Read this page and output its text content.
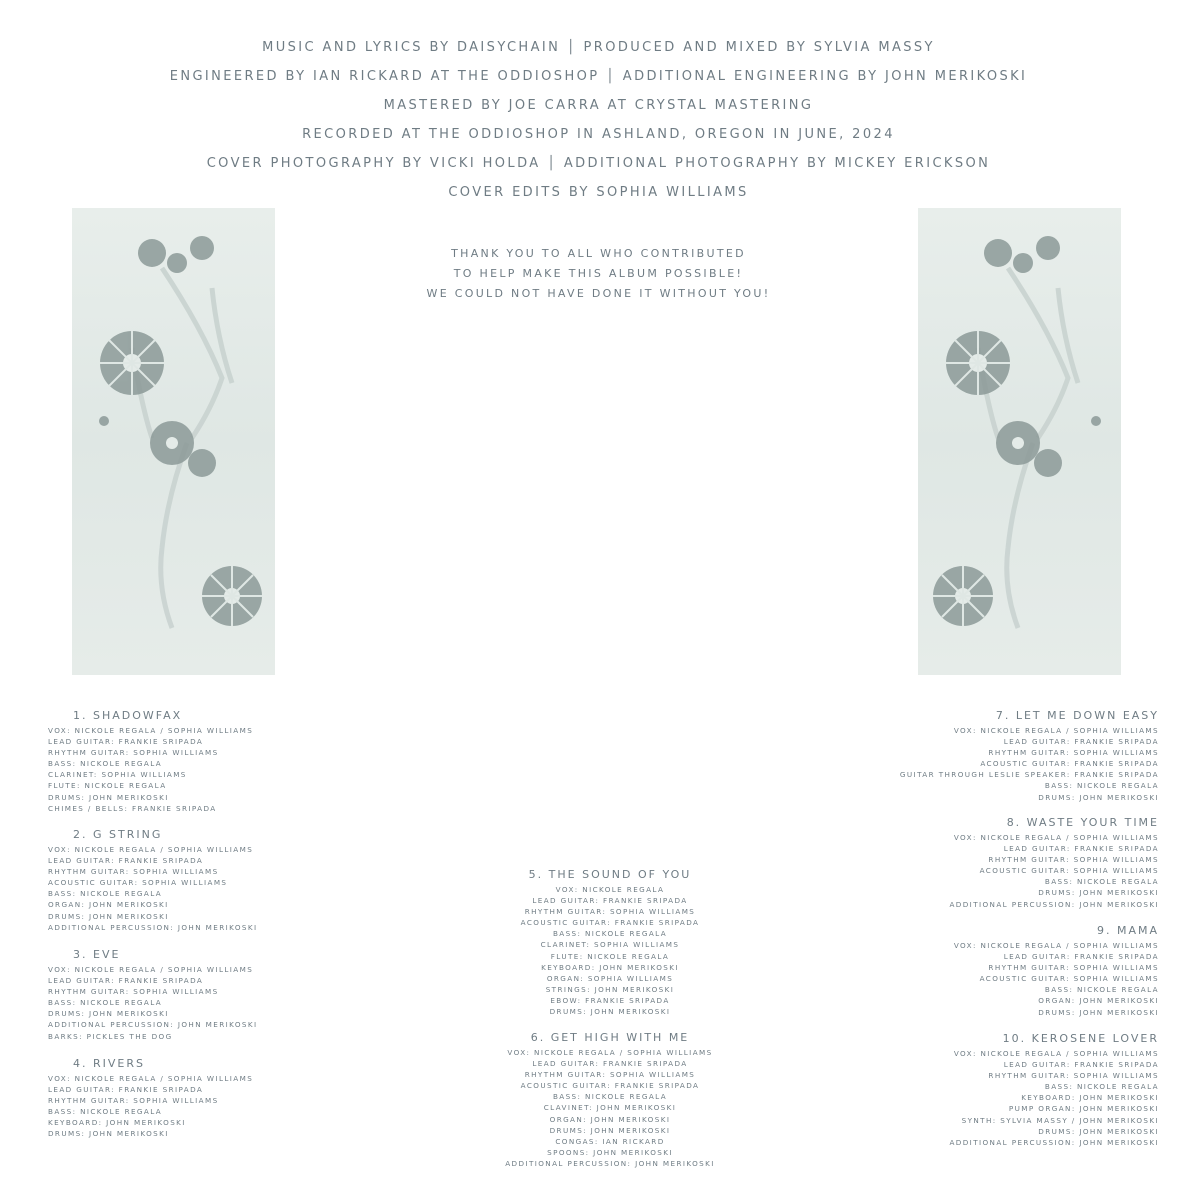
MUSIC AND LYRICS BY DAISYCHAIN │ PRODUCED AND MIXED BY SYLVIA MASSY
ENGINEERED BY IAN RICKARD AT THE ODDIOSHOP │ ADDITIONAL ENGINEERING BY JOHN MERIKOSKI
MASTERED BY JOE CARRA AT CRYSTAL MASTERING
RECORDED AT THE ODDIOSHOP IN ASHLAND, OREGON IN JUNE, 2024
COVER PHOTOGRAPHY BY VICKI HOLDA │ ADDITIONAL PHOTOGRAPHY BY MICKEY ERICKSON
COVER EDITS BY SOPHIA WILLIAMS
THANK YOU TO ALL WHO CONTRIBUTED
TO HELP MAKE THIS ALBUM POSSIBLE!
WE COULD NOT HAVE DONE IT WITHOUT YOU!
1. SHADOWFAX
VOX: NICKOLE REGALA / SOPHIA WILLIAMS
LEAD GUITAR: FRANKIE SRIPADA
RHYTHM GUITAR: SOPHIA WILLIAMS
BASS: NICKOLE REGALA
CLARINET: SOPHIA WILLIAMS
FLUTE: NICKOLE REGALA
DRUMS: JOHN MERIKOSKI
CHIMES / BELLS: FRANKIE SRIPADA
2. G STRING
VOX: NICKOLE REGALA / SOPHIA WILLIAMS
LEAD GUITAR: FRANKIE SRIPADA
RHYTHM GUITAR: SOPHIA WILLIAMS
ACOUSTIC GUITAR: SOPHIA WILLIAMS
BASS: NICKOLE REGALA
ORGAN: JOHN MERIKOSKI
DRUMS: JOHN MERIKOSKI
ADDITIONAL PERCUSSION: JOHN MERIKOSKI
3. EVE
VOX: NICKOLE REGALA / SOPHIA WILLIAMS
LEAD GUITAR: FRANKIE SRIPADA
RHYTHM GUITAR: SOPHIA WILLIAMS
BASS: NICKOLE REGALA
DRUMS: JOHN MERIKOSKI
ADDITIONAL PERCUSSION: JOHN MERIKOSKI
BARKS: PICKLES THE DOG
4. RIVERS
VOX: NICKOLE REGALA / SOPHIA WILLIAMS
LEAD GUITAR: FRANKIE SRIPADA
RHYTHM GUITAR: SOPHIA WILLIAMS
BASS: NICKOLE REGALA
KEYBOARD: JOHN MERIKOSKI
DRUMS: JOHN MERIKOSKI
5. THE SOUND OF YOU
VOX: NICKOLE REGALA
LEAD GUITAR: FRANKIE SRIPADA
RHYTHM GUITAR: SOPHIA WILLIAMS
ACOUSTIC GUITAR: FRANKIE SRIPADA
BASS: NICKOLE REGALA
CLARINET: SOPHIA WILLIAMS
FLUTE: NICKOLE REGALA
KEYBOARD: JOHN MERIKOSKI
ORGAN: SOPHIA WILLIAMS
STRINGS: JOHN MERIKOSKI
EBOW: FRANKIE SRIPADA
DRUMS: JOHN MERIKOSKI
6. GET HIGH WITH ME
VOX: NICKOLE REGALA / SOPHIA WILLIAMS
LEAD GUITAR: FRANKIE SRIPADA
RHYTHM GUITAR: SOPHIA WILLIAMS
ACOUSTIC GUITAR: FRANKIE SRIPADA
BASS: NICKOLE REGALA
CLAVINET: JOHN MERIKOSKI
ORGAN: JOHN MERIKOSKI
DRUMS: JOHN MERIKOSKI
CONGAS: IAN RICKARD
SPOONS: JOHN MERIKOSKI
ADDITIONAL PERCUSSION: JOHN MERIKOSKI
7. LET ME DOWN EASY
VOX: NICKOLE REGALA / SOPHIA WILLIAMS
LEAD GUITAR: FRANKIE SRIPADA
RHYTHM GUITAR: SOPHIA WILLIAMS
ACOUSTIC GUITAR: FRANKIE SRIPADA
GUITAR THROUGH LESLIE SPEAKER: FRANKIE SRIPADA
BASS: NICKOLE REGALA
DRUMS: JOHN MERIKOSKI
8. WASTE YOUR TIME
VOX: NICKOLE REGALA / SOPHIA WILLIAMS
LEAD GUITAR: FRANKIE SRIPADA
RHYTHM GUITAR: SOPHIA WILLIAMS
ACOUSTIC GUITAR: SOPHIA WILLIAMS
BASS: NICKOLE REGALA
DRUMS: JOHN MERIKOSKI
ADDITIONAL PERCUSSION: JOHN MERIKOSKI
9. MAMA
VOX: NICKOLE REGALA / SOPHIA WILLIAMS
LEAD GUITAR: FRANKIE SRIPADA
RHYTHM GUITAR: SOPHIA WILLIAMS
ACOUSTIC GUITAR: SOPHIA WILLIAMS
BASS: NICKOLE REGALA
ORGAN: JOHN MERIKOSKI
DRUMS: JOHN MERIKOSKI
10. KEROSENE LOVER
VOX: NICKOLE REGALA / SOPHIA WILLIAMS
LEAD GUITAR: FRANKIE SRIPADA
RHYTHM GUITAR: SOPHIA WILLIAMS
BASS: NICKOLE REGALA
KEYBOARD: JOHN MERIKOSKI
PUMP ORGAN: JOHN MERIKOSKI
SYNTH: SYLVIA MASSY / JOHN MERIKOSKI
DRUMS: JOHN MERIKOSKI
ADDITIONAL PERCUSSION: JOHN MERIKOSKI
